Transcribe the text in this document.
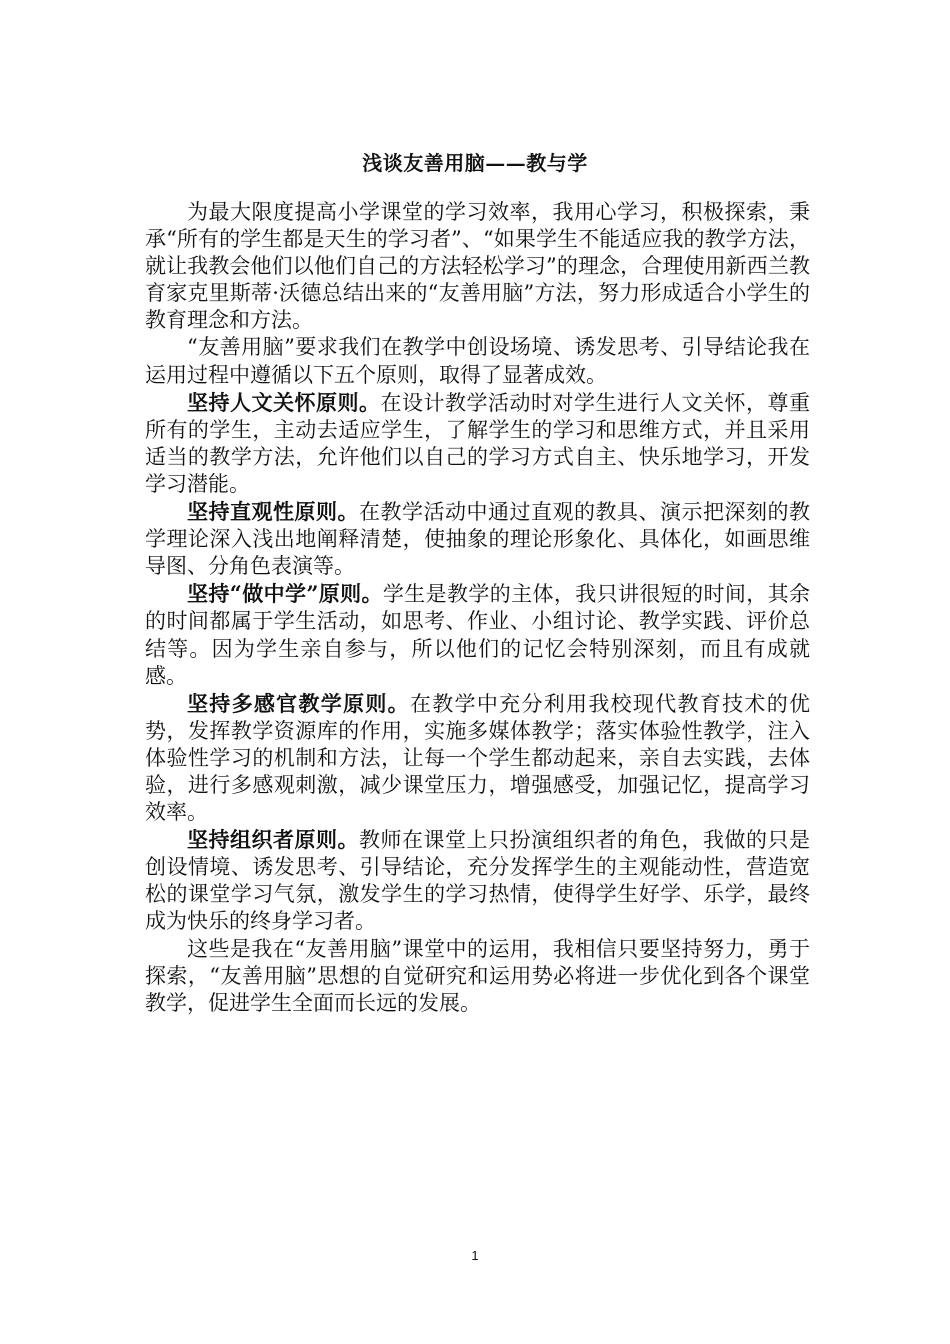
浅谈友善用脑——教与学

为最大限度提高小学课堂的学习效率，我用心学习，积极探索，秉承“所有的学生都是天生的学习者”、“如果学生不能适应我的教学方法，就让我教会他们以他们自己的方法轻松学习”的理念，合理使用新西兰教育家克里斯蒂·沃德总结出来的“友善用脑”方法，努力形成适合小学生的教育理念和方法。

“友善用脑”要求我们在教学中创设场境、诱发思考、引导结论我在运用过程中遵循以下五个原则，取得了显著成效。

坚持人文关怀原则。在设计教学活动时对学生进行人文关怀，尊重所有的学生，主动去适应学生，了解学生的学习和思维方式，并且采用适当的教学方法，允许他们以自己的学习方式自主、快乐地学习，开发学习潜能。

坚持直观性原则。在教学活动中通过直观的教具、演示把深刻的教学理论深入浅出地阐释清楚，使抽象的理论形象化、具体化，如画思维导图、分角色表演等。

坚持“做中学”原则。学生是教学的主体，我只讲很短的时间，其余的时间都属于学生活动，如思考、作业、小组讨论、教学实践、评价总结等。因为学生亲自参与，所以他们的记忆会特别深刻，而且有成就感。

坚持多感官教学原则。在教学中充分利用我校现代教育技术的优势，发挥教学资源库的作用，实施多媒体教学；落实体验性教学，注入体验性学习的机制和方法，让每一个学生都动起来，亲自去实践，去体验，进行多感观刺激，减少课堂压力，增强感受，加强记忆，提高学习效率。

坚持组织者原则。教师在课堂上只扮演组织者的角色，我做的只是创设情境、诱发思考、引导结论，充分发挥学生的主观能动性，营造宽松的课堂学习气氛，激发学生的学习热情，使得学生好学、乐学，最终成为快乐的终身学习者。

这些是我在“友善用脑”课堂中的运用，我相信只要坚持努力，勇于探索，“友善用脑”思想的自觉研究和运用势必将进一步优化到各个课堂教学，促进学生全面而长远的发展。

1
